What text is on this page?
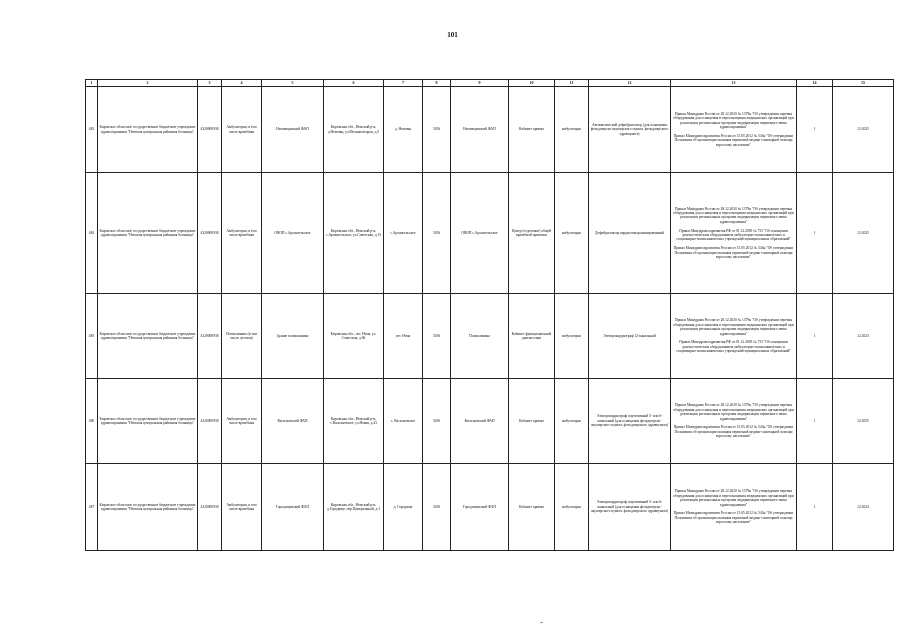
101
1	2	3	4	5	6	7	8	9	10	11	12	13	14	15
482	Кировское областное государственное бюджетное учреждение здравоохранения "Немская центральная районная больница"	4320000938	Амбулатория, в том числе врачебная	Немовщинский ФАП	Кировская обл., Немский р-н, д.Немовщ, ул.Механизаторов, д.5	д. Немовщ	3106	Немовщинский ФАП	Кабинет приема	амбулаторно	Автоматический дефибриллятор (для оснащения фельдшерско-акушерского пункта, фельдшерского здравпункта)	Приказ Минздрава России от 28.12.2020 № 1379н "Об утверждении перечня оборудования для оснащения и переоснащения медицинских организаций при реализации региональных программ модернизации первичного звена здравоохранения"

Приказ Минздравсоцразвития России от 15.05.2012 № 543н "Об утверждении Положения об организации оказания первичной медико-санитарной помощи взрослому населению"	1	12.2025
484	Кировское областное государственное бюджетное учреждение здравоохранения "Немская центральная районная больница"	4320000938	Амбулатория, в том числе врачебная	ОВОП с.Архангельское	Кировская обл., Немский р-н, с.Архангельское, ул.Советская, д.15	с.Архангельское	3106	ОВОП с.Архангельское	Центр (отделение) общей врачебной практики	амбулаторно	Дефибриллятор кардиосинхронизированный	Приказ Минздрава России от 28.12.2020 № 1379н "Об утверждении перечня оборудования для оснащения и переоснащения медицинских организаций при реализации региональных программ модернизации первичного звена здравоохранения"

Приказ Минздравсоцразвития РФ от 01.12.2005 № 753 "Об оснащении диагностическим оборудованием амбулаторно-поликлинических и стационарно-поликлинических учреждений муниципальных образований"

Приказ Минздравсоцразвития России от 15.05.2012 № 543н "Об утверждении Положения об организации оказания первичной медико-санитарной помощи взрослому населению"	1	12.2025
485	Кировское областное государственное бюджетное учреждение здравоохранения "Немская центральная районная больница"	4320000938	Поликлиника (в том числе детская)	Здание поликлиники	Кировская обл., пгт. Нема, ул. Советская, д.66	пгт. Нема	3106	Поликлиника	Кабинет функциональной диагностики	амбулаторно	Электрокардиограф 12-канальный	Приказ Минздрава России от 28.12.2020 № 1379н "Об утверждении перечня оборудования для оснащения и переоснащения медицинских организаций при реализации региональных программ модернизации первичного звена здравоохранения"

Приказ Минздравсоцразвития РФ от 01.12.2005 № 753 "Об оснащении диагностическим оборудованием амбулаторно-поликлинических и стационарно-поликлинических учреждений муниципальных образований"	1	12.2023
486	Кировское областное государственное бюджетное учреждение здравоохранения "Немская центральная районная больница"	4320000938	Амбулатория, в том числе врачебная	Васильевский ФАП	Кировская обл., Немский р-н, с.Васильевское, ул.Новая, д.23	с. Васильевское	3106	Васильевский ФАП	Кабинет приема	амбулаторно	Электрокардиограф портативный 3- или 6-канальный (для оснащения фельдшерско-акушерского пункта, фельдшерского здравпункта)	Приказ Минздрава России от 28.12.2020 № 1379н "Об утверждении перечня оборудования для оснащения и переоснащения медицинских организаций при реализации региональных программ модернизации первичного звена здравоохранения"

Приказ Минздравсоцразвития России от 15.05.2012 № 543н "Об утверждении Положения об организации оказания первичной медико-санитарной помощи взрослому населению"	1	12.2025
487	Кировское областное государственное бюджетное учреждение здравоохранения "Немская центральная районная больница"	4320000938	Амбулатория, в том числе врачебная	Городищенский ФАП	Кировская обл., Немский р-н, д.Городище, пер.Центральный, д.3	д. Городище	3106	Городищенский ФАП	Кабинет приема	амбулаторно	Электрокардиограф портативный 3- или 6-канальный (для оснащения фельдшерско-акушерского пункта, фельдшерского здравпункта)	Приказ Минздрава России от 28.12.2020 № 1379н "Об утверждении перечня оборудования для оснащения и переоснащения медицинских организаций при реализации региональных программ модернизации первичного звена здравоохранения"

Приказ Минздравсоцразвития России от 15.05.2012 № 543н "Об утверждении Положения об организации оказания первичной медико-санитарной помощи взрослому населению"	1	12.2024
